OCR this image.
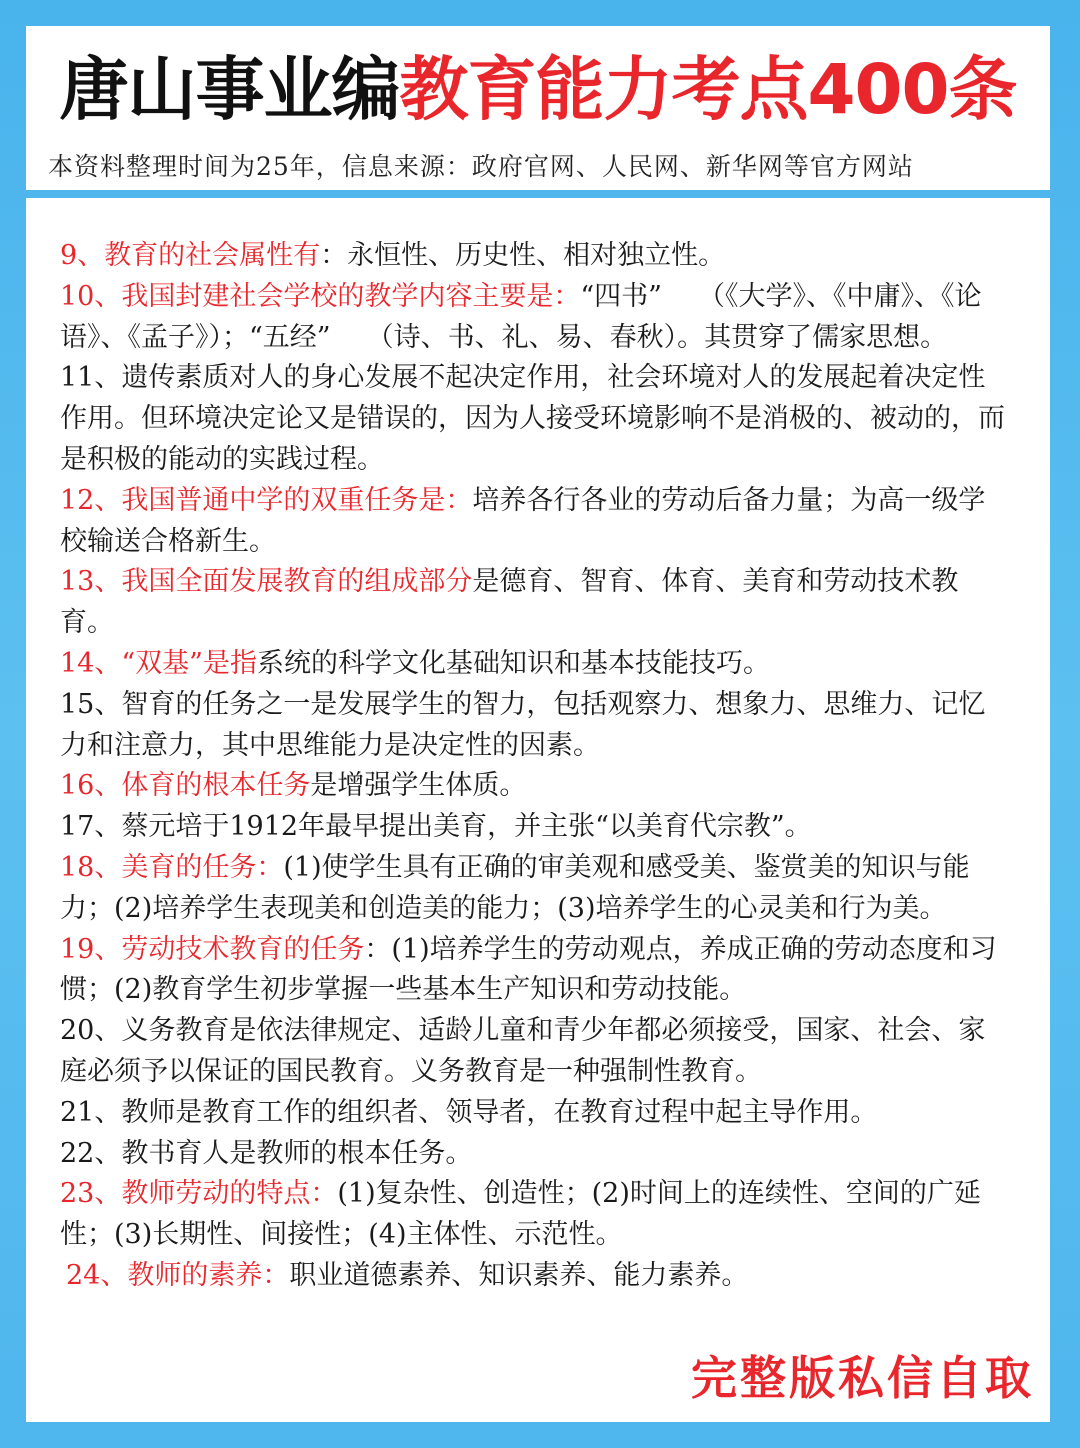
唐山事业编教育能力考点400条
本资料整理时间为25年，信息来源：政府官网、人民网、新华网等官方网站

9、教育的社会属性有：永恒性、历史性、相对独立性。

10、我国封建社会学校的教学内容主要是：“四书” （《大学》、《中庸》、《论语》、《孟子》）；“五经” （诗、书、礼、易、春秋）。其贯穿了儒家思想。

11、遗传素质对人的身心发展不起决定作用，社会环境对人的发展起着决定性作用。但环境决定论又是错误的，因为人接受环境影响不是消极的、被动的，而是积极的能动的实践过程。

12、我国普通中学的双重任务是：培养各行各业的劳动后备力量；为高一级学校输送合格新生。

13、我国全面发展教育的组成部分是德育、智育、体育、美育和劳动技术教育。

14、“双基”是指系统的科学文化基础知识和基本技能技巧。

15、智育的任务之一是发展学生的智力，包括观察力、想象力、思维力、记忆力和注意力，其中思维能力是决定性的因素。

16、体育的根本任务是增强学生体质。

17、蔡元培于1912年最早提出美育，并主张“以美育代宗教”。

18、美育的任务：(1)使学生具有正确的审美观和感受美、鉴赏美的知识与能力；(2)培养学生表现美和创造美的能力；(3)培养学生的心灵美和行为美。

19、劳动技术教育的任务：(1)培养学生的劳动观点，养成正确的劳动态度和习惯；(2)教育学生初步掌握一些基本生产知识和劳动技能。

20、义务教育是依法律规定、适龄儿童和青少年都必须接受，国家、社会、家庭必须予以保证的国民教育。义务教育是一种强制性教育。

21、教师是教育工作的组织者、领导者，在教育过程中起主导作用。

22、教书育人是教师的根本任务。

23、教师劳动的特点：(1)复杂性、创造性；(2)时间上的连续性、空间的广延性；(3)长期性、间接性；(4)主体性、示范性。

24、教师的素养：职业道德素养、知识素养、能力素养。

完整版私信自取
